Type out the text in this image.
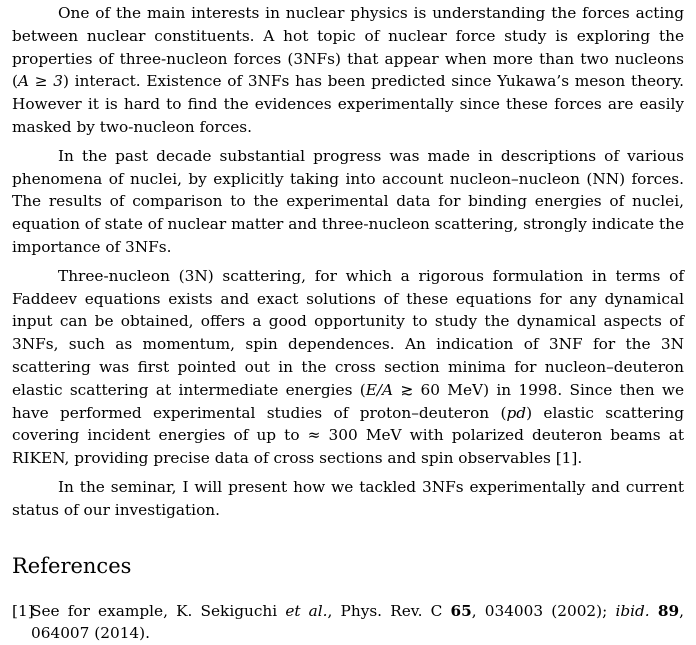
One of the main interests in nuclear physics is understanding the forces acting between nuclear constituents. A hot topic of nuclear force study is exploring the properties of three-nucleon forces (3NFs) that appear when more than two nucleons (A ≥ 3) interact. Existence of 3NFs has been predicted since Yukawa’s meson theory. However it is hard to find the evidences experimentally since these forces are easily masked by two-nucleon forces.

In the past decade substantial progress was made in descriptions of various phenomena of nuclei, by explicitly taking into account nucleon–nucleon (NN) forces. The results of comparison to the experimental data for binding energies of nuclei, equation of state of nuclear matter and three-nucleon scattering, strongly indicate the importance of 3NFs.

Three-nucleon (3N) scattering, for which a rigorous formulation in terms of Faddeev equations exists and exact solutions of these equations for any dynamical input can be obtained, offers a good opportunity to study the dynamical aspects of 3NFs, such as momentum, spin dependences. An indication of 3NF for the 3N scattering was first pointed out in the cross section minima for nucleon–deuteron elastic scattering at intermediate energies (E/A ≳ 60 MeV) in 1998. Since then we have performed experimental studies of proton–deuteron (pd) elastic scattering covering incident energies of up to ≈ 300 MeV with polarized deuteron beams at RIKEN, providing precise data of cross sections and spin observables [1].

In the seminar, I will present how we tackled 3NFs experimentally and current status of our investigation.

References
[1]
See for example, K. Sekiguchi et al., Phys. Rev. C 65, 034003 (2002); ibid. 89, 064007 (2014).
